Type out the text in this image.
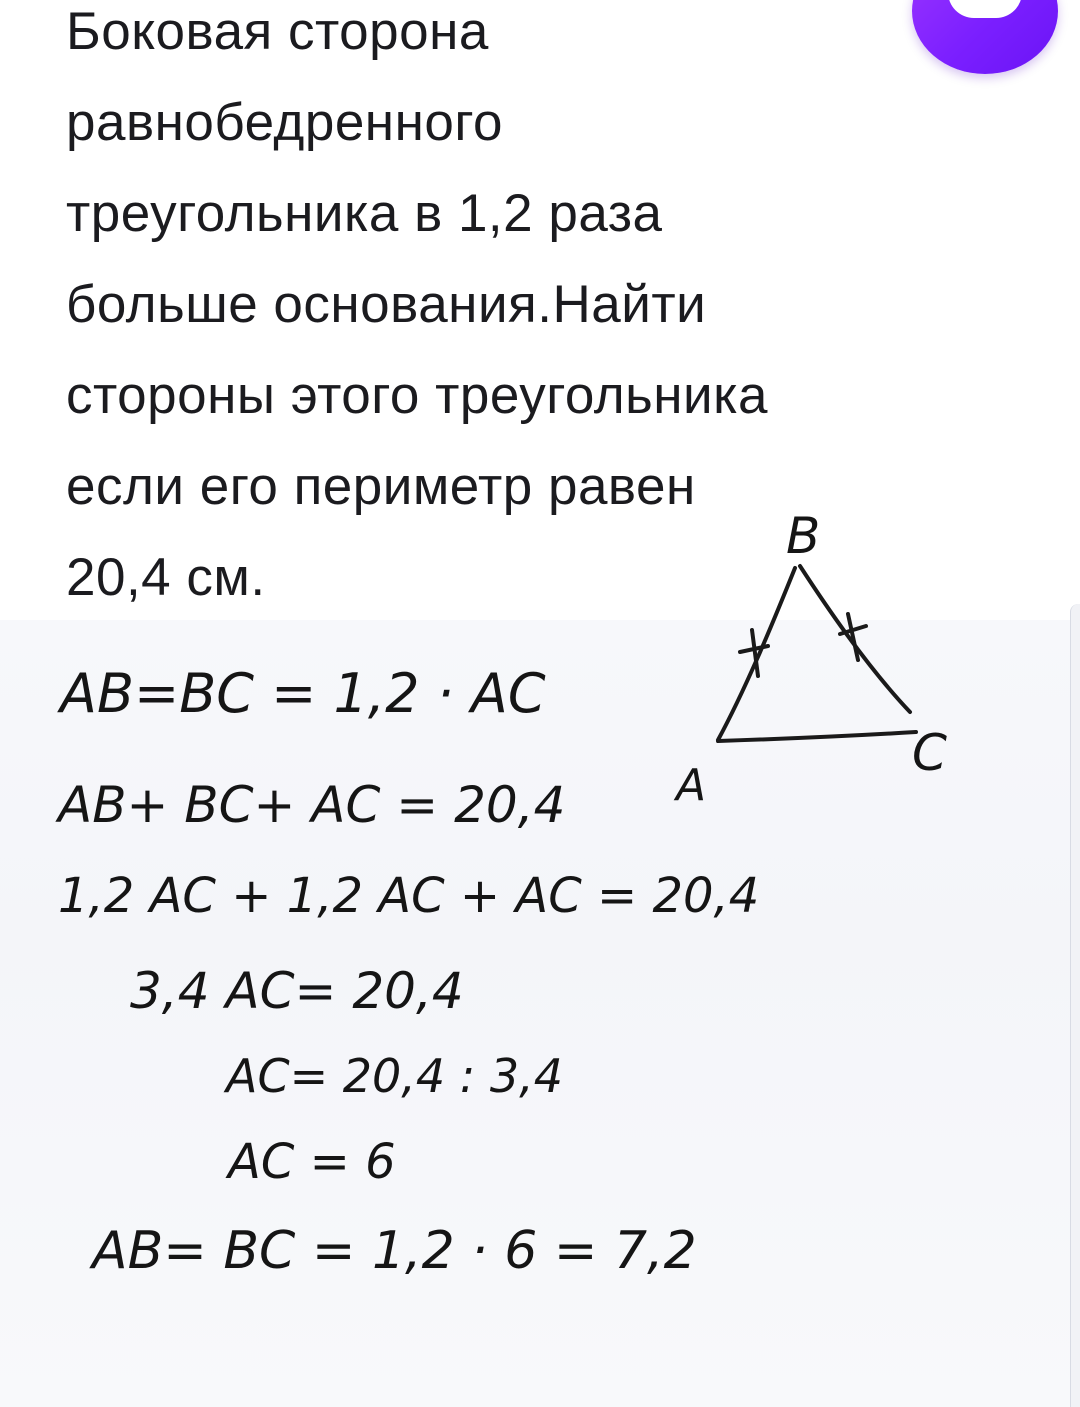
Боковая сторона
равнобедренного
треугольника в 1,2 раза
больше основания.Найти
стороны этого треугольника
если его периметр равен
20,4 см.

B
A
C
AB=BC = 1,2 · AC
AB+ BC+ AC = 20,4
1,2 AC + 1,2 AC + AC = 20,4
3,4 AC= 20,4
AC= 20,4 : 3,4
AC = 6
AB= BC = 1,2 · 6 = 7,2
